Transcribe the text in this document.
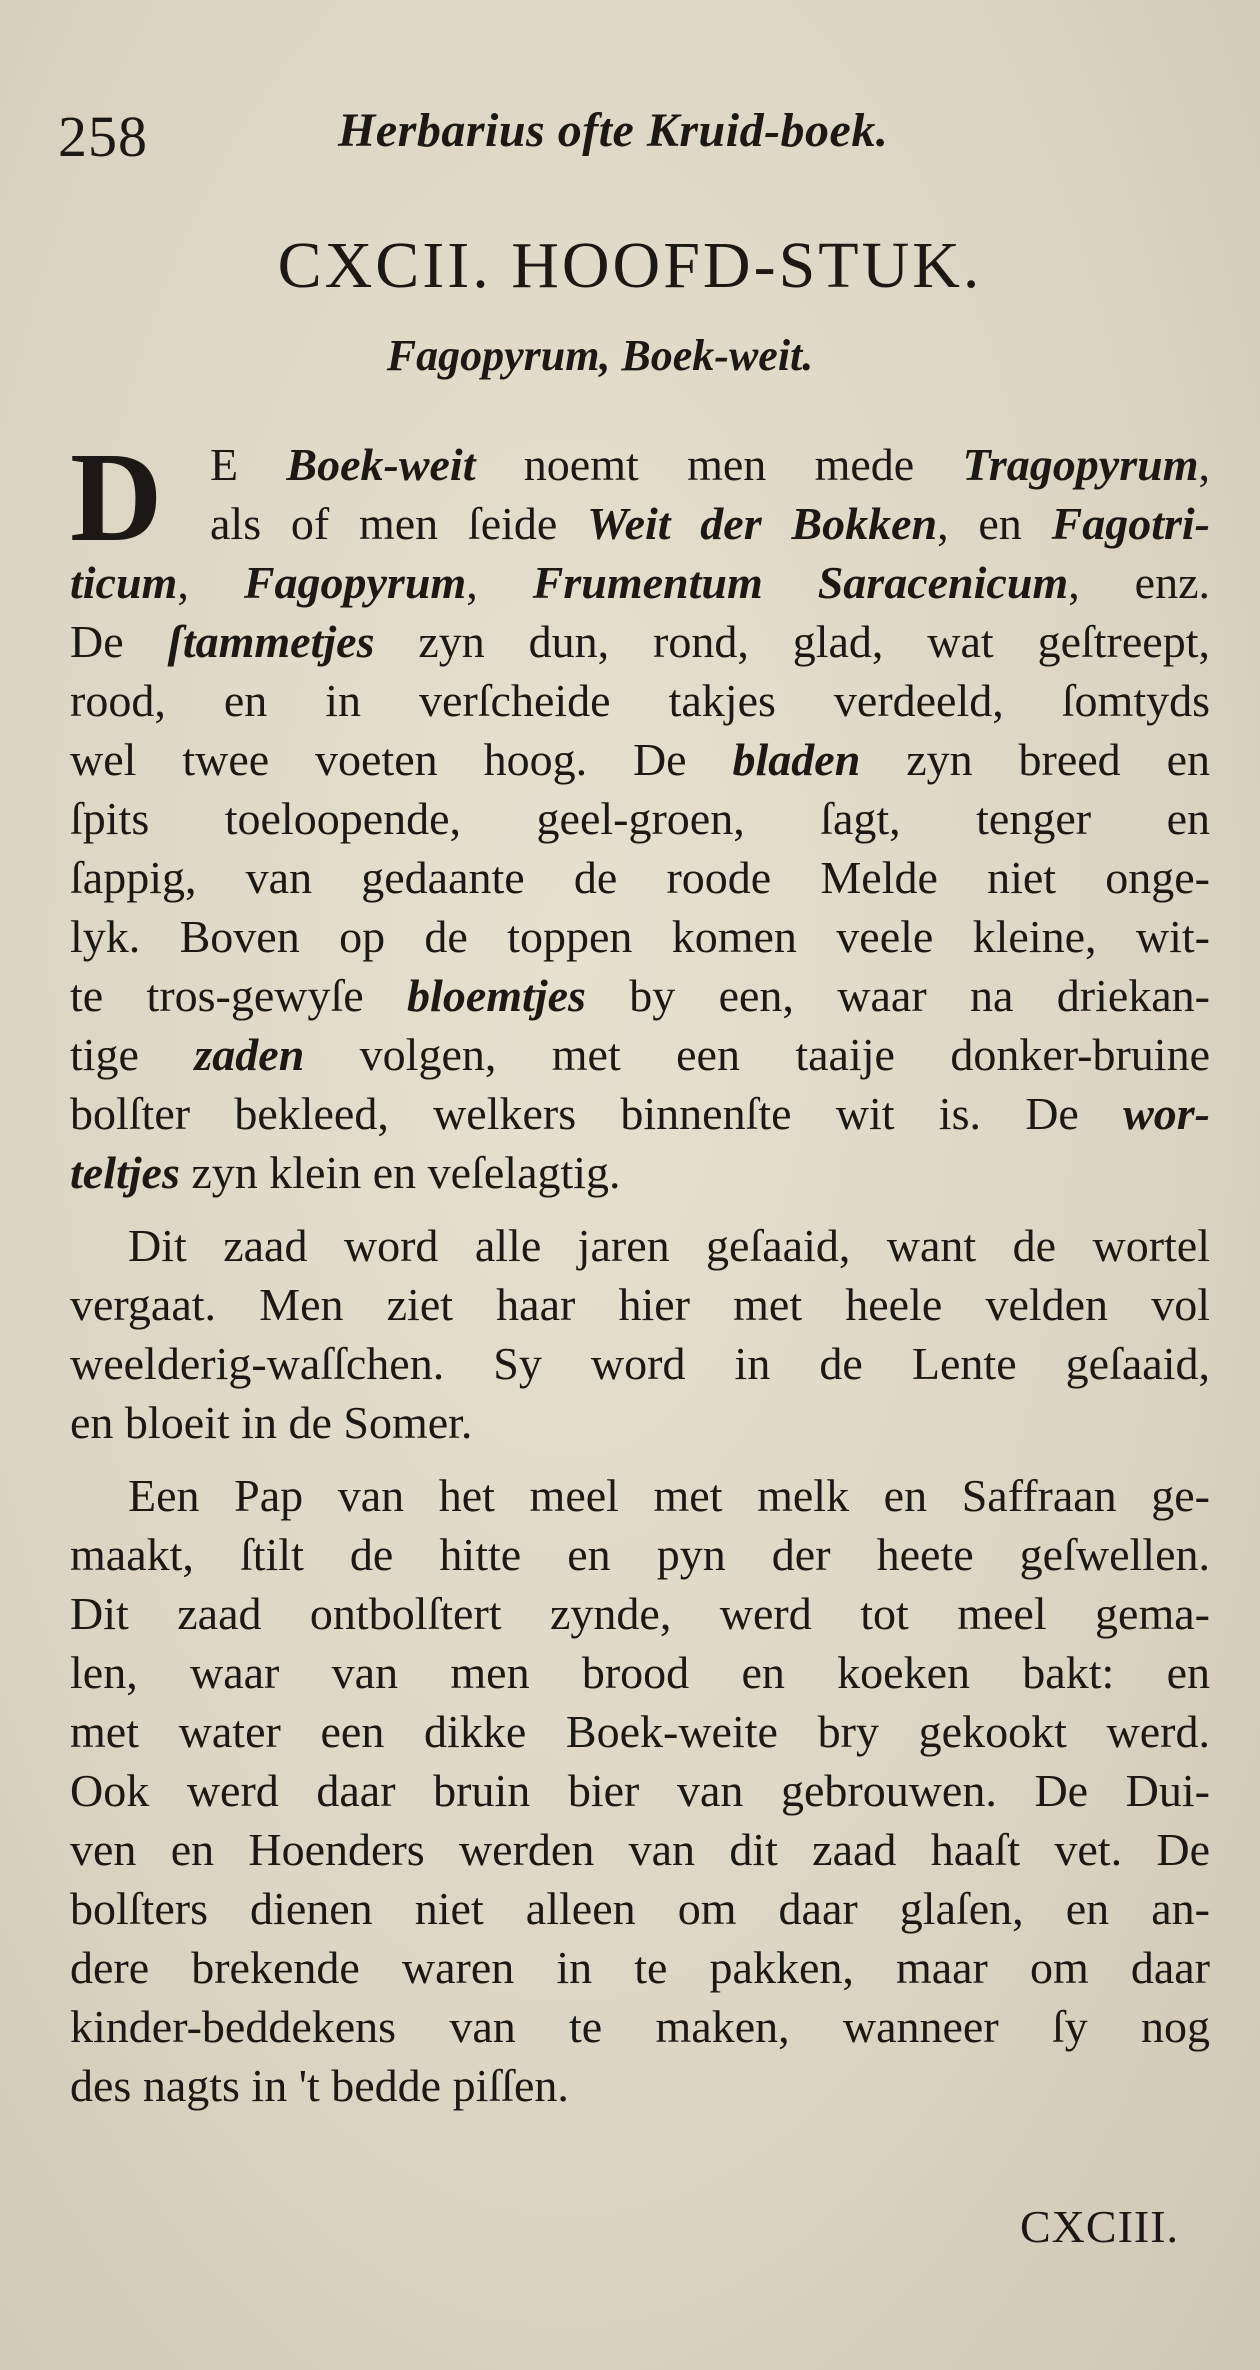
258	Herbarius ofte Kruid-boek.
CXCII. HOOFD-STUK.
Fagopyrum, Boek-weit.
D	E Boek-weit noemt men mede Tragopyrum,
als of men ſeide Weit der Bokken, en Fagotri-
ticum, Fagopyrum, Frumentum Saracenicum, enz.
De ſtammetjes zyn dun, rond, glad, wat geſtreept,
rood, en in verſcheide takjes verdeeld, ſomtyds
wel twee voeten hoog. De bladen zyn breed en
ſpits toeloopende, geel-groen, ſagt, tenger en
ſappig, van gedaante de roode Melde niet onge-
lyk. Boven op de toppen komen veele kleine, wit-
te tros-gewyſe bloemtjes by een, waar na driekan-
tige zaden volgen, met een taaije donker-bruine
bolſter bekleed, welkers binnenſte wit is. De wor-
teltjes zyn klein en veſelagtig.
Dit zaad word alle jaren geſaaid, want de wortel
vergaat. Men ziet haar hier met heele velden vol
weelderig-waſſchen. Sy word in de Lente geſaaid,
en bloeit in de Somer.
Een Pap van het meel met melk en Saffraan ge-
maakt, ſtilt de hitte en pyn der heete geſwellen.
Dit zaad ontbolſtert zynde, werd tot meel gema-
len, waar van men brood en koeken bakt: en
met water een dikke Boek-weite bry gekookt werd.
Ook werd daar bruin bier van gebrouwen. De Dui-
ven en Hoenders werden van dit zaad haaſt vet. De
bolſters dienen niet alleen om daar glaſen, en an-
dere brekende waren in te pakken, maar om daar
kinder-beddekens van te maken, wanneer ſy nog
des nagts in 't bedde piſſen.
CXCIII.
